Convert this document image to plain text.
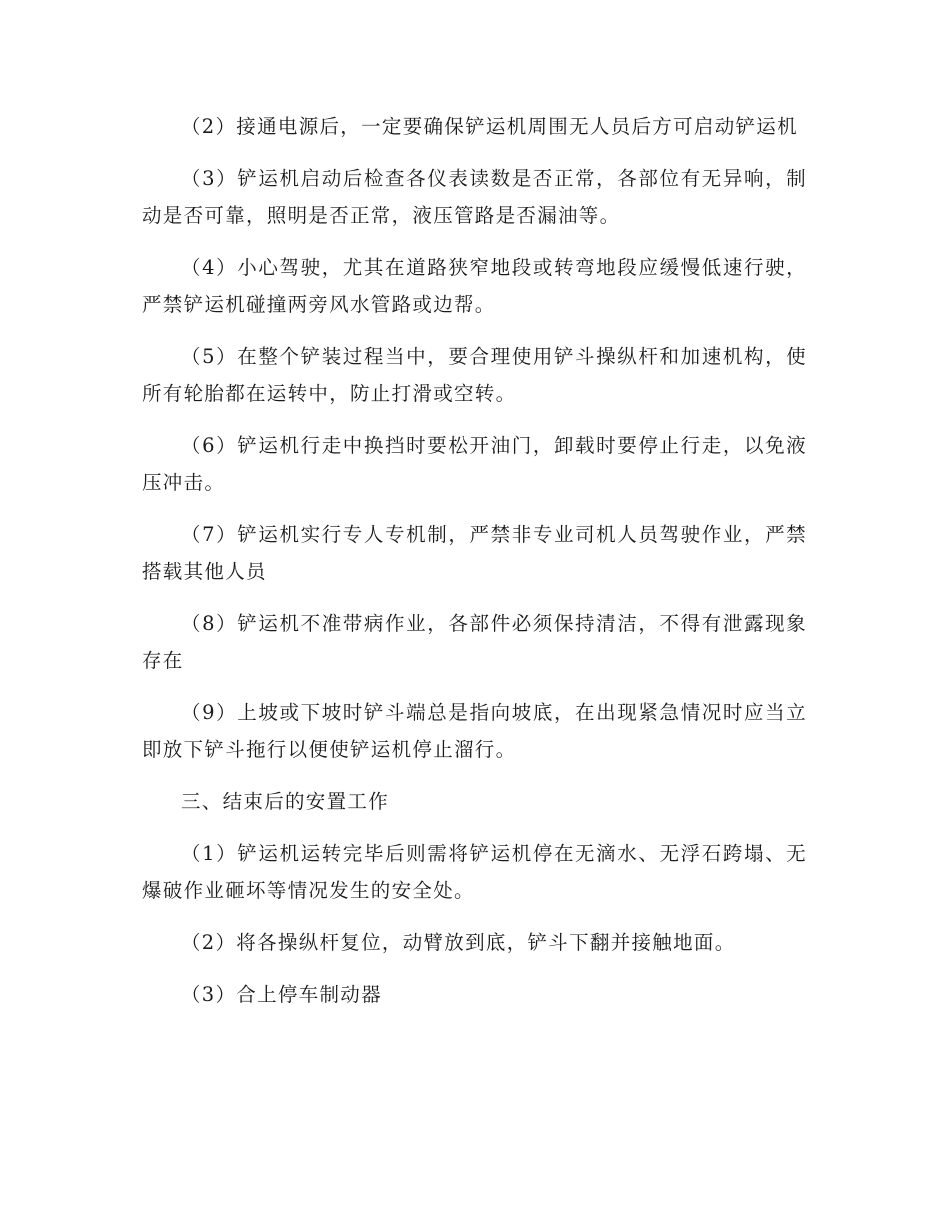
（2）接通电源后，一定要确保铲运机周围无人员后方可启动铲运机

（3）铲运机启动后检查各仪表读数是否正常，各部位有无异响，制动是否可靠，照明是否正常，液压管路是否漏油等。

（4）小心驾驶，尤其在道路狭窄地段或转弯地段应缓慢低速行驶，严禁铲运机碰撞两旁风水管路或边帮。

（5）在整个铲装过程当中，要合理使用铲斗操纵杆和加速机构，使所有轮胎都在运转中，防止打滑或空转。

（6）铲运机行走中换挡时要松开油门，卸载时要停止行走，以免液压冲击。

（7）铲运机实行专人专机制，严禁非专业司机人员驾驶作业，严禁搭载其他人员

（8）铲运机不准带病作业，各部件必须保持清洁，不得有泄露现象存在

（9）上坡或下坡时铲斗端总是指向坡底，在出现紧急情况时应当立即放下铲斗拖行以便使铲运机停止溜行。

三、结束后的安置工作

（1）铲运机运转完毕后则需将铲运机停在无滴水、无浮石跨塌、无爆破作业砸坏等情况发生的安全处。

（2）将各操纵杆复位，动臂放到底，铲斗下翻并接触地面。

（3）合上停车制动器
